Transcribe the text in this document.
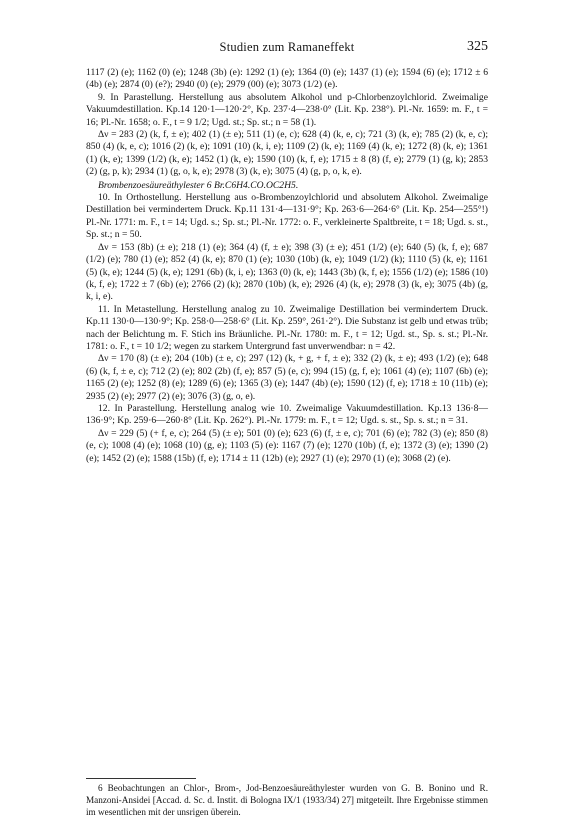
Studien zum Ramaneffekt	325

1117 (2) (e); 1162 (0) (e); 1248 (3b) (e): 1292 (1) (e); 1364 (0) (e); 1437 (1) (e); 1594 (6) (e); 1712 ± 6 (4b) (e); 2874 (0) (e?); 2940 (0) (e); 2979 (00) (e); 3073 (1/2) (e).

9. In Parastellung. Herstellung aus absolutem Alkohol und p-Chlorbenzoylchlorid. Zweimalige Vakuumdestillation. Kp.14 120·1—120·2°, Kp. 237·4—238·0° (Lit. Kp. 238°). Pl.-Nr. 1659: m. F., t = 16; Pl.-Nr. 1658; o. F., t = 9 1/2; Ugd. st.; Sp. st.; n = 58 (1).

Δν = 283 (2) (k, f, ± e); 402 (1) (± e); 511 (1) (e, c); 628 (4) (k, e, c); 721 (3) (k, e); 785 (2) (k, e, c); 850 (4) (k, e, c); 1016 (2) (k, e); 1091 (10) (k, i, e); 1109 (2) (k, e); 1169 (4) (k, e); 1272 (8) (k, e); 1361 (1) (k, e); 1399 (1/2) (k, e); 1452 (1) (k, e); 1590 (10) (k, f, e); 1715 ± 8 (8) (f, e); 2779 (1) (g, k); 2853 (2) (g, p, k); 2934 (1) (g, o, k, e); 2978 (3) (k, e); 3075 (4) (g, p, o, k, e).

Brombenzoesäureäthylester 6 Br.C6H4.CO.OC2H5.

10. In Orthostellung. Herstellung aus o-Brombenzoylchlorid und absolutem Alkohol. Zweimalige Destillation bei vermindertem Druck. Kp.11 131·4—131·9°; Kp. 263·6—264·6° (Lit. Kp. 254—255°!) Pl.-Nr. 1771: m. F., t = 14; Ugd. s.; Sp. st.; Pl.-Nr. 1772: o. F., verkleinerte Spaltbreite, t = 18; Ugd. s. st., Sp. st.; n = 50.

Δν = 153 (8b) (± e); 218 (1) (e); 364 (4) (f, ± e); 398 (3) (± e); 451 (1/2) (e); 640 (5) (k, f, e); 687 (1/2) (e); 780 (1) (e); 852 (4) (k, e); 870 (1) (e); 1030 (10b) (k, e); 1049 (1/2) (k); 1110 (5) (k, e); 1161 (5) (k, e); 1244 (5) (k, e); 1291 (6b) (k, i, e); 1363 (0) (k, e); 1443 (3b) (k, f, e); 1556 (1/2) (e); 1586 (10) (k, f, e); 1722 ± 7 (6b) (e); 2766 (2) (k); 2870 (10b) (k, e); 2926 (4) (k, e); 2978 (3) (k, e); 3075 (4b) (g, k, i, e).

11. In Metastellung. Herstellung analog zu 10. Zweimalige Destillation bei vermindertem Druck. Kp.11 130·0—130·9°; Kp. 258·0—258·6° (Lit. Kp. 259°, 261·2°). Die Substanz ist gelb und etwas trüb; nach der Belichtung m. F. Stich ins Bräunliche. Pl.-Nr. 1780: m. F., t = 12; Ugd. st., Sp. s. st.; Pl.-Nr. 1781: o. F., t = 10 1/2; wegen zu starkem Untergrund fast unverwendbar: n = 42.

Δν = 170 (8) (± e); 204 (10b) (± e, c); 297 (12) (k, + g, + f, ± e); 332 (2) (k, ± e); 493 (1/2) (e); 648 (6) (k, f, ± e, c); 712 (2) (e); 802 (2b) (f, e); 857 (5) (e, c); 994 (15) (g, f, e); 1061 (4) (e); 1107 (6b) (e); 1165 (2) (e); 1252 (8) (e); 1289 (6) (e); 1365 (3) (e); 1447 (4b) (e); 1590 (12) (f, e); 1718 ± 10 (11b) (e); 2935 (2) (e); 2977 (2) (e); 3076 (3) (g, o, e).

12. In Parastellung. Herstellung analog wie 10. Zweimalige Vakuumdestillation. Kp.13 136·8—136·9°; Kp. 259·6—260·8° (Lit. Kp. 262°). Pl.-Nr. 1779: m. F., t = 12; Ugd. s. st., Sp. s. st.; n = 31.

Δν = 229 (5) (+ f, e, c); 264 (5) (± e); 501 (0) (e); 623 (6) (f, ± e, c); 701 (6) (e); 782 (3) (e); 850 (8) (e, c); 1008 (4) (e); 1068 (10) (g, e); 1103 (5) (e): 1167 (7) (e); 1270 (10b) (f, e); 1372 (3) (e); 1390 (2) (e); 1452 (2) (e); 1588 (15b) (f, e); 1714 ± 11 (12b) (e); 2927 (1) (e); 2970 (1) (e); 3068 (2) (e).

6 Beobachtungen an Chlor-, Brom-, Jod-Benzoesäureäthylester wurden von G. B. Bonino und R. Manzoni-Ansidei [Accad. d. Sc. d. Instit. di Bologna IX/1 (1933/34) 27] mitgeteilt. Ihre Ergebnisse stimmen im wesentlichen mit der unsrigen überein.
